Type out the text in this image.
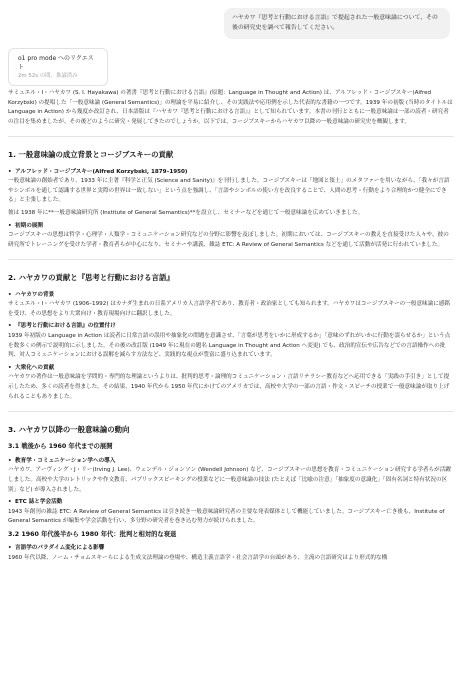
ハヤカワ『思考と行動における言語』で提起された一般意味論について、その後の研究史を調べて報告してください。
o1 pro mode へのリクエスト
2m 52s の間、推論済み

サミュエル・I・ハヤカワ (S. I. Hayakawa) の著書『思考と行動における言語』(原題：Language in Thought and Action) は、アルフレッド・コージブスキー(Alfred Korzybski) の提唱した「一般意味論 (General Semantics)」の理論を平易に紹介し、その実践法や応用例を示した代表的な書籍の一つです。1939 年の初版 (当時のタイトルは Language in Action) から幾度か改訂され、日本語版は『ハヤカワ『思考と行動における言語』』として知られています。本書の刊行とともに一般意味論は一部の読者・研究者の注目を集めましたが、その後どのように研究・発展してきたのでしょうか。以下では、コージブスキーからハヤカワ以降の一般意味論の研究史を概観します。

1. 一般意味論の成立背景とコージブスキーの貢献
• アルフレッド・コージブスキー(Alfred Korzybski, 1879–1950)

一般意味論の創始者であり、1933 年に主著『科学と正気 (Science and Sanity)』を刊行しました。コージブスキーは「地図と領土」のメタファーを用いながら、「我々が言語やシンボルを通して認識する世界と実際の世界は一致しない」という点を強調し、「言語やシンボルの使い方を改良することで、人間の思考・行動をより合理的かつ健全にできる」と主張しました。

彼は 1938 年に**一般意味論研究所 (Institute of General Semantics)**を設立し、セミナーなどを通じて一般意味論を広めていきました。

• 初期の展開

コージブスキーの思想は哲学・心理学・人類学・コミュニケーション研究などの分野に影響を及ぼしました。初期においては、コージブスキーの教えを直接受けた人々や、彼の研究所でトレーニングを受けた学者・教育者らが中心になり、セミナーや講義、雑誌 ETC: A Review of General Semantics などを通して活動が活発に行われていました。

2. ハヤカワの貢献と『思考と行動における言語』
• ハヤカワの背景

サミュエル・I・ハヤカワ (1906–1992) はカナダ生まれの日系アメリカ人言語学者であり、教育者・政治家としても知られます。ハヤカワはコージブスキーの一般意味論に感銘を受け、その思想をより大衆向け・教育現場向けに翻訳しました。

• 『思考と行動における言語』の位置付け

1939 年初版の Language in Action は読者に日常言語の誤用や抽象化の問題を意識させ、「言葉が思考をいかに形成するか」「意味のずれがいかに行動を誤らせるか」という点を数多くの例示で説明的に示しました。その後の改訂版 (1949 年に現在の題名 Language in Thought and Action へ変更) でも、政治的宣伝や広告などでの言語操作への批判、対人コミュニケーションにおける誤解を減らす方法など、実践的な視点が豊富に盛り込まれています。

• 大衆化への貢献

ハヤカワの著作は一般意味論を学問的・専門的な理論というよりは、批判的思考・論理的コミュニケーション・言語リテラシー教育などへ応用できる「実践の手引き」として提示したため、多くの読者を得ました。その結果、1940 年代から 1950 年代にかけてのアメリカでは、高校や大学の一部の言語・作文・スピーチの授業で一般意味論が取り上げられることもありました。

3. ハヤカワ以降の一般意味論の動向
3.1 戦後から 1960 年代までの展開
• 教育学・コミュニケーション学への導入

ハヤカワ、アーヴィング・J・リー(Irving J. Lee)、ウェンデル・ジョンソン (Wendell Johnson) など、コージブスキーの思想を教育・コミュニケーション研究する学者らが活躍しました。高校や大学のレトリックや作文教育、パブリックスピーキングの授業などに一般意味論の技法 (たとえば「比喩の注意」「抽象度の意識化」「固有名詞と特有状況の区別」など) が導入されました。

• ETC 誌と学会活動

1943 年創刊の雑誌 ETC: A Review of General Semantics は引き続き一般意味論研究者の主要な発表媒体として機能していました。コージブスキー亡き後も、Institute of General Semantics が編集や学会活動を行い、多分野の研究者を巻き込む努力が続けられました。

3.2 1960 年代後半から 1980 年代：批判と相対的な衰退
• 言語学のパラダイム変化による影響

1960 年代以降、ノーム・チョムスキーらによる生成文法理論の登場や、構造主義言語学・社会言語学の台頭があり、主流の言語研究はより形式的な構
